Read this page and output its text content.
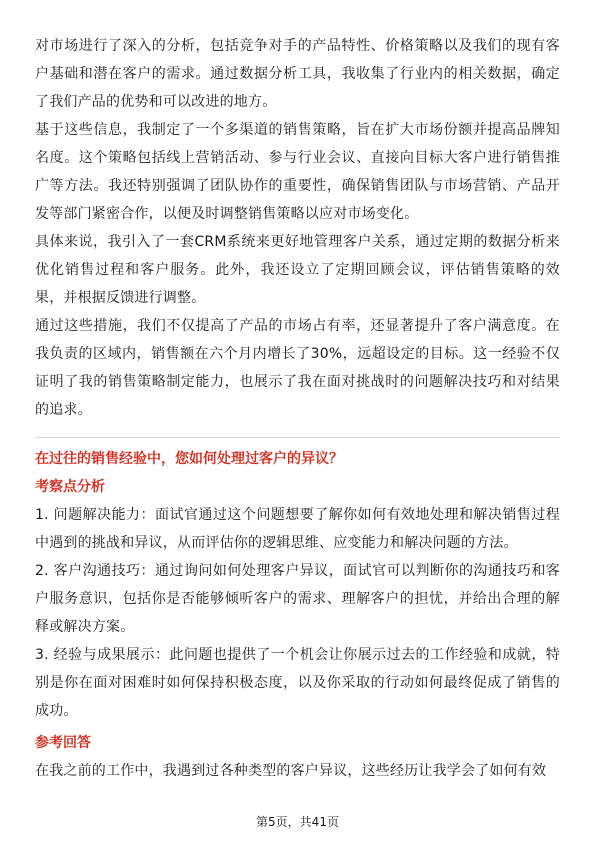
对市场进行了深入的分析，包括竞争对手的产品特性、价格策略以及我们的现有客户基础和潜在客户的需求。通过数据分析工具，我收集了行业内的相关数据，确定了我们产品的优势和可以改进的地方。

基于这些信息，我制定了一个多渠道的销售策略，旨在扩大市场份额并提高品牌知名度。这个策略包括线上营销活动、参与行业会议、直接向目标大客户进行销售推广等方法。我还特别强调了团队协作的重要性，确保销售团队与市场营销、产品开发等部门紧密合作，以便及时调整销售策略以应对市场变化。

具体来说，我引入了一套CRM系统来更好地管理客户关系，通过定期的数据分析来优化销售过程和客户服务。此外，我还设立了定期回顾会议，评估销售策略的效果，并根据反馈进行调整。

通过这些措施，我们不仅提高了产品的市场占有率，还显著提升了客户满意度。在我负责的区域内，销售额在六个月内增长了30%，远超设定的目标。这一经验不仅证明了我的销售策略制定能力，也展示了我在面对挑战时的问题解决技巧和对结果的追求。

在过往的销售经验中，您如何处理过客户的异议？

考察点分析

1. 问题解决能力：面试官通过这个问题想要了解你如何有效地处理和解决销售过程中遇到的挑战和异议，从而评估你的逻辑思维、应变能力和解决问题的方法。

2. 客户沟通技巧：通过询问如何处理客户异议，面试官可以判断你的沟通技巧和客户服务意识，包括你是否能够倾听客户的需求、理解客户的担忧，并给出合理的解释或解决方案。

3. 经验与成果展示：此问题也提供了一个机会让你展示过去的工作经验和成就，特别是你在面对困难时如何保持积极态度，以及你采取的行动如何最终促成了销售的成功。

参考回答

在我之前的工作中，我遇到过各种类型的客户异议，这些经历让我学会了如何有效

第5页，共41页
